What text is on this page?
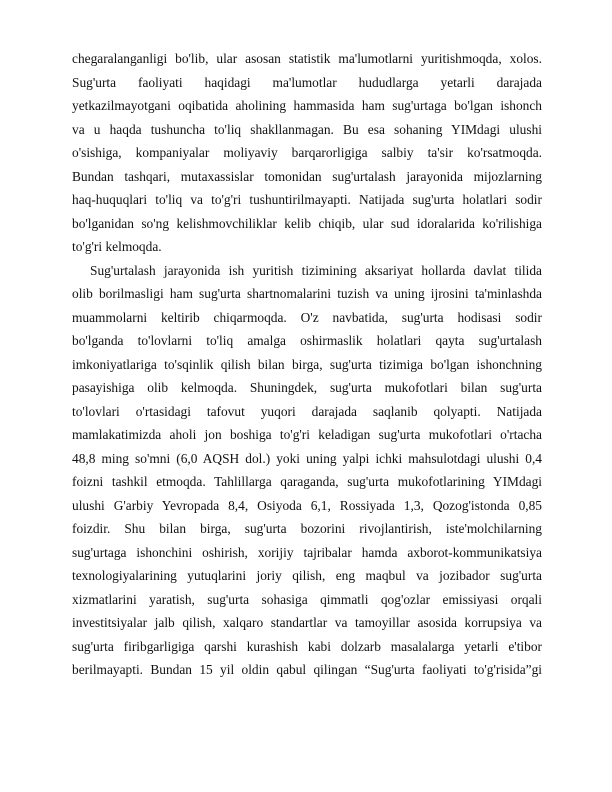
chegaralanganligi bo'lib, ular asosan statistik ma'lumotlarni yuritishmoqda, xolos.
Sug'urta faoliyati haqidagi ma'lumotlar hududlarga yetarli darajada
yetkazilmayotgani oqibatida aholining hammasida ham sug'urtaga bo'lgan ishonch
va u haqda tushuncha to'liq shakllanmagan. Bu esa sohaning YIMdagi ulushi
o'sishiga, kompaniyalar moliyaviy barqarorligiga salbiy ta'sir ko'rsatmoqda.
Bundan tashqari, mutaxassislar tomonidan sug'urtalash jarayonida mijozlarning
haq-huquqlari to'liq va to'g'ri tushuntirilmayapti. Natijada sug'urta holatlari sodir
bo'lganidan so'ng kelishmovchiliklar kelib chiqib, ular sud idoralarida ko'rilishiga
to'g'ri kelmoqda.
Sug'urtalash jarayonida ish yuritish tizimining aksariyat hollarda davlat tilida
olib borilmasligi ham sug'urta shartnomalarini tuzish va uning ijrosini ta'minlashda
muammolarni keltirib chiqarmoqda. O'z navbatida, sug'urta hodisasi sodir
bo'lganda to'lovlarni to'liq amalga oshirmaslik holatlari qayta sug'urtalash
imkoniyatlariga to'sqinlik qilish bilan birga, sug'urta tizimiga bo'lgan ishonchning
pasayishiga olib kelmoqda. Shuningdek, sug'urta mukofotlari bilan sug'urta
to'lovlari o'rtasidagi tafovut yuqori darajada saqlanib qolyapti. Natijada
mamlakatimizda aholi jon boshiga to'g'ri keladigan sug'urta mukofotlari o'rtacha
48,8 ming so'mni (6,0 AQSH dol.) yoki uning yalpi ichki mahsulotdagi ulushi 0,4
foizni tashkil etmoqda. Tahlillarga qaraganda, sug'urta mukofotlarining YIMdagi
ulushi G'arbiy Yevropada 8,4, Osiyoda 6,1, Rossiyada 1,3, Qozog'istonda 0,85
foizdir. Shu bilan birga, sug'urta bozorini rivojlantirish, iste'molchilarning
sug'urtaga ishonchini oshirish, xorijiy tajribalar hamda axborot-kommunikatsiya
texnologiyalarining yutuqlarini joriy qilish, eng maqbul va jozibador sug'urta
xizmatlarini yaratish, sug'urta sohasiga qimmatli qog'ozlar emissiyasi orqali
investitsiyalar jalb qilish, xalqaro standartlar va tamoyillar asosida korrupsiya va
sug'urta firibgarligiga qarshi kurashish kabi dolzarb masalalarga yetarli e'tibor
berilmayapti. Bundan 15 yil oldin qabul qilingan “Sug'urta faoliyati to'g'risida”gi
